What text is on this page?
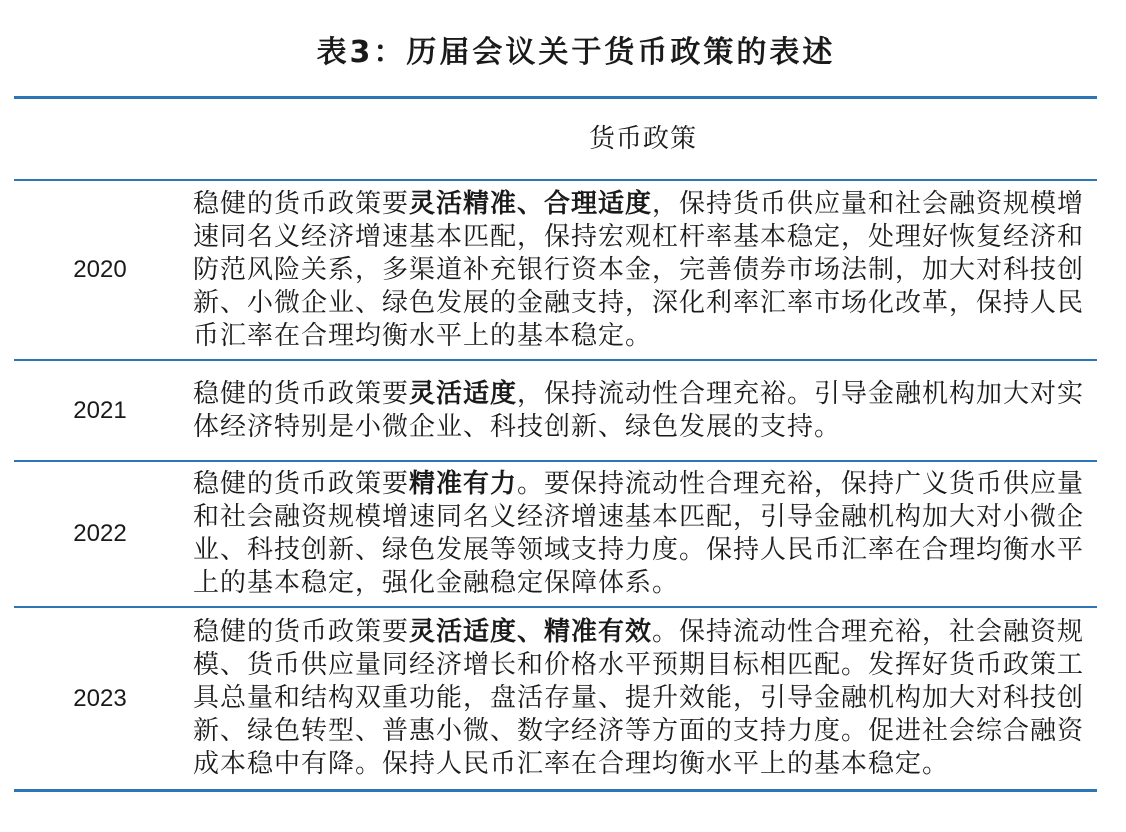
表3：历届会议关于货币政策的表述
货币政策
2020
稳健的货币政策要灵活精准、合理适度，保持货币供应量和社会融资规模增速同名义经济增速基本匹配，保持宏观杠杆率基本稳定，处理好恢复经济和防范风险关系，多渠道补充银行资本金，完善债券市场法制，加大对科技创新、小微企业、绿色发展的金融支持，深化利率汇率市场化改革，保持人民币汇率在合理均衡水平上的基本稳定。
2021
稳健的货币政策要灵活适度，保持流动性合理充裕。引导金融机构加大对实体经济特别是小微企业、科技创新、绿色发展的支持。
2022
稳健的货币政策要精准有力。要保持流动性合理充裕，保持广义货币供应量和社会融资规模增速同名义经济增速基本匹配，引导金融机构加大对小微企业、科技创新、绿色发展等领域支持力度。保持人民币汇率在合理均衡水平上的基本稳定，强化金融稳定保障体系。
2023
稳健的货币政策要灵活适度、精准有效。保持流动性合理充裕，社会融资规模、货币供应量同经济增长和价格水平预期目标相匹配。发挥好货币政策工具总量和结构双重功能，盘活存量、提升效能，引导金融机构加大对科技创新、绿色转型、普惠小微、数字经济等方面的支持力度。促进社会综合融资成本稳中有降。保持人民币汇率在合理均衡水平上的基本稳定。
